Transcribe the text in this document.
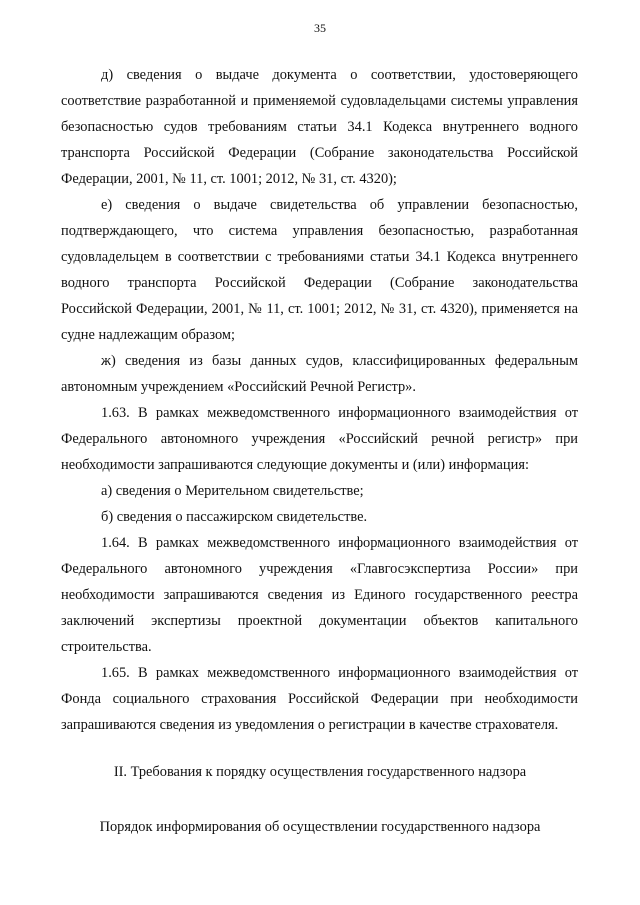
35

д) сведения о выдаче документа о соответствии, удостоверяющего соответствие разработанной и применяемой судовладельцами системы управления безопасностью судов требованиям статьи 34.1 Кодекса внутреннего водного транспорта Российской Федерации (Собрание законодательства Российской Федерации, 2001, № 11, ст. 1001; 2012, № 31, ст. 4320);

е) сведения о выдаче свидетельства об управлении безопасностью, подтверждающего, что система управления безопасностью, разработанная судовладельцем в соответствии с требованиями статьи 34.1 Кодекса внутреннего водного транспорта Российской Федерации (Собрание законодательства Российской Федерации, 2001, № 11, ст. 1001; 2012, № 31, ст. 4320), применяется на судне надлежащим образом;

ж) сведения из базы данных судов, классифицированных федеральным автономным учреждением «Российский Речной Регистр».

1.63. В рамках межведомственного информационного взаимодействия от Федерального автономного учреждения «Российский речной регистр» при необходимости запрашиваются следующие документы и (или) информация:

а) сведения о Мерительном свидетельстве;

б) сведения о пассажирском свидетельстве.

1.64. В рамках межведомственного информационного взаимодействия от Федерального автономного учреждения «Главгосэкспертиза России» при необходимости запрашиваются сведения из Единого государственного реестра заключений экспертизы проектной документации объектов капитального строительства.

1.65. В рамках межведомственного информационного взаимодействия от Фонда социального страхования Российской Федерации при необходимости запрашиваются сведения из уведомления о регистрации в качестве страхователя.

II. Требования к порядку осуществления государственного надзора
Порядок информирования об осуществлении государственного надзора
